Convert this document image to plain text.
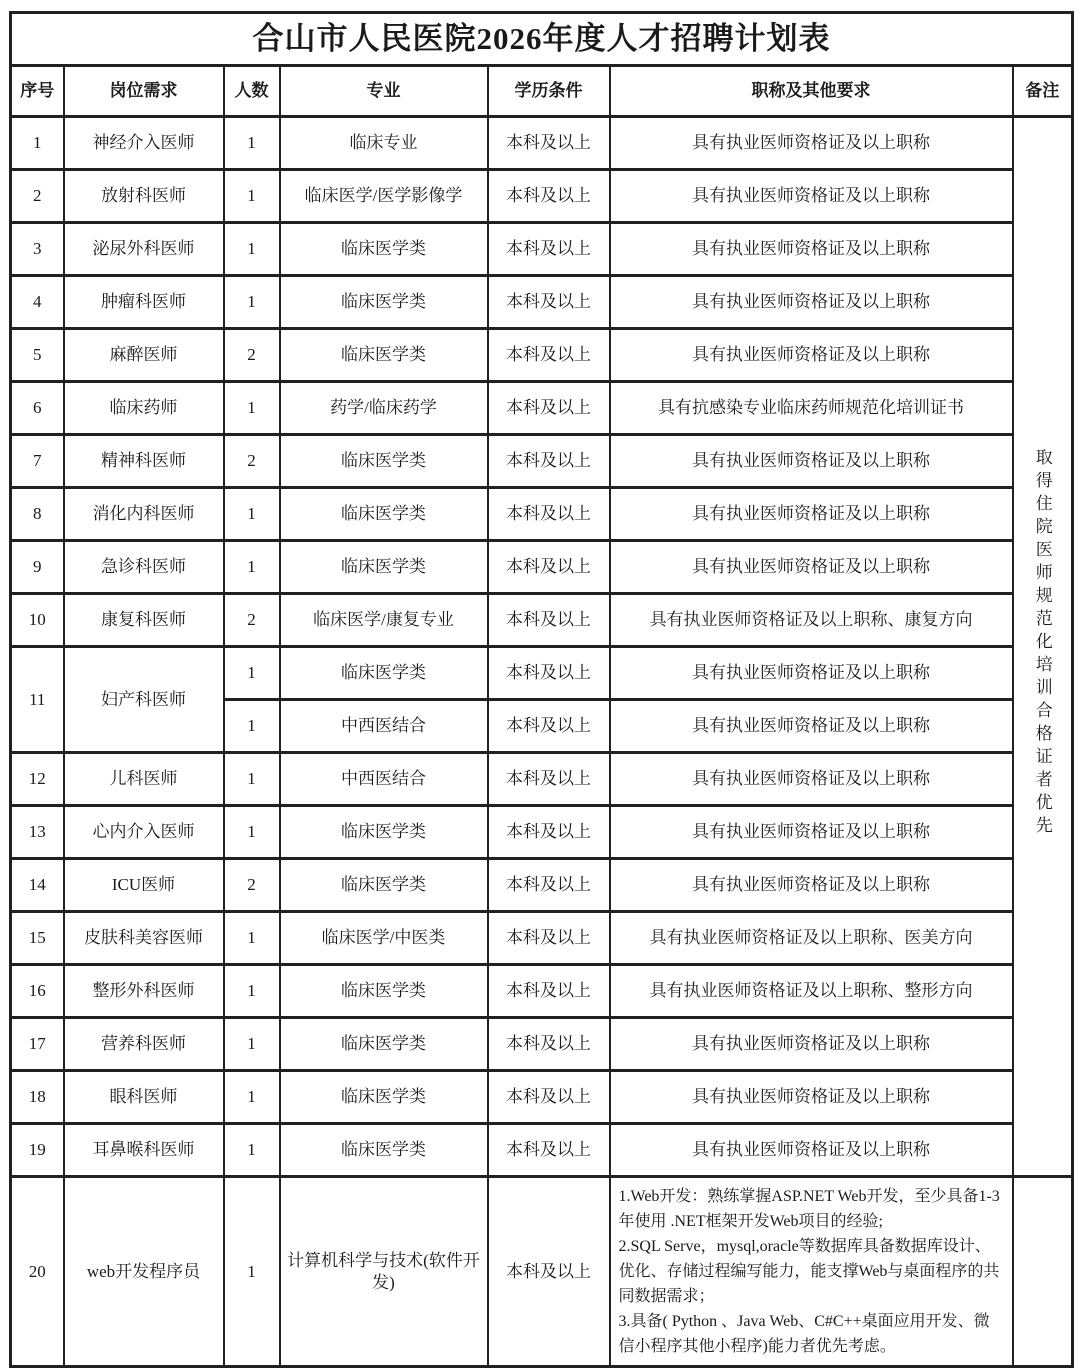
合山市人民医院2026年度人才招聘计划表						
序号	岗位需求	人数	专业	学历条件	职称及其他要求	备注
1	神经介入医师	1	临床专业	本科及以上	具有执业医师资格证及以上职称	取得住院医师规范化培训合格证者优先
2	放射科医师	1	临床医学/医学影像学	本科及以上	具有执业医师资格证及以上职称	
3	泌尿外科医师	1	临床医学类	本科及以上	具有执业医师资格证及以上职称	
4	肿瘤科医师	1	临床医学类	本科及以上	具有执业医师资格证及以上职称	
5	麻醉医师	2	临床医学类	本科及以上	具有执业医师资格证及以上职称	
6	临床药师	1	药学/临床药学	本科及以上	具有抗感染专业临床药师规范化培训证书	
7	精神科医师	2	临床医学类	本科及以上	具有执业医师资格证及以上职称	
8	消化内科医师	1	临床医学类	本科及以上	具有执业医师资格证及以上职称	
9	急诊科医师	1	临床医学类	本科及以上	具有执业医师资格证及以上职称	
10	康复科医师	2	临床医学/康复专业	本科及以上	具有执业医师资格证及以上职称、康复方向	
11	妇产科医师	1	临床医学类	本科及以上	具有执业医师资格证及以上职称	
		1	中西医结合	本科及以上	具有执业医师资格证及以上职称	
12	儿科医师	1	中西医结合	本科及以上	具有执业医师资格证及以上职称	
13	心内介入医师	1	临床医学类	本科及以上	具有执业医师资格证及以上职称	
14	ICU医师	2	临床医学类	本科及以上	具有执业医师资格证及以上职称	
15	皮肤科美容医师	1	临床医学/中医类	本科及以上	具有执业医师资格证及以上职称、医美方向	
16	整形外科医师	1	临床医学类	本科及以上	具有执业医师资格证及以上职称、整形方向	
17	营养科医师	1	临床医学类	本科及以上	具有执业医师资格证及以上职称	
18	眼科医师	1	临床医学类	本科及以上	具有执业医师资格证及以上职称	
19	耳鼻喉科医师	1	临床医学类	本科及以上	具有执业医师资格证及以上职称	
20	web开发程序员	1	计算机科学与技术(软件开发)	本科及以上	1.Web开发：熟练掌握ASP.NET Web开发，至少具备1-3年使用 .NET框架开发Web项目的经验;
2.SQL Serve，mysql,oracle等数据库具备数据库设计、优化、存储过程编写能力，能支撑Web与桌面程序的共同数据需求；
3.具备( Python 、Java Web、C#C++桌面应用开发、微信小程序其他小程序)能力者优先考虑。	
